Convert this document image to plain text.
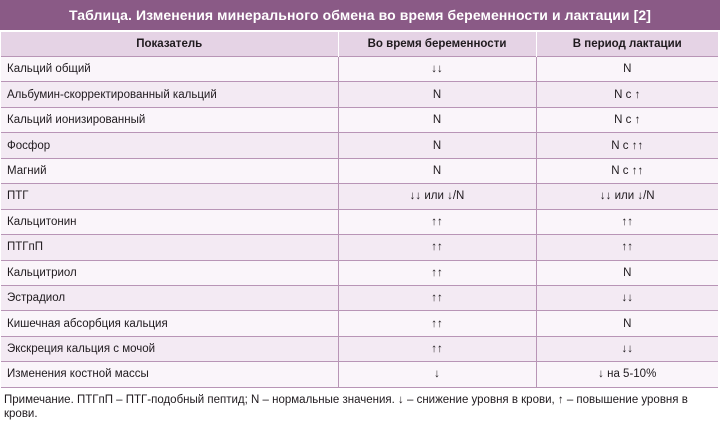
Таблица. Изменения минерального обмена во время беременности и лактации [2]
Показатель	Во время беременности	В период лактации
Кальций общий	↓↓	N
Альбумин-скорректированный кальций	N	N с ↑
Кальций ионизированный	N	N с ↑
Фосфор	N	N с ↑↑
Магний	N	N с ↑↑
ПТГ	↓↓ или ↓/N	↓↓ или ↓/N
Кальцитонин	↑↑	↑↑
ПТГпП	↑↑	↑↑
Кальцитриол	↑↑	N
Эстрадиол	↑↑	↓↓
Кишечная абсорбция кальция	↑↑	N
Экскреция кальция с мочой	↑↑	↓↓
Изменения костной массы	↓	↓ на 5-10%
Примечание. ПТГпП – ПТГ-подобный пептид; N – нормальные значения. ↓ – снижение уровня в крови, ↑ – повышение уровня в крови.
